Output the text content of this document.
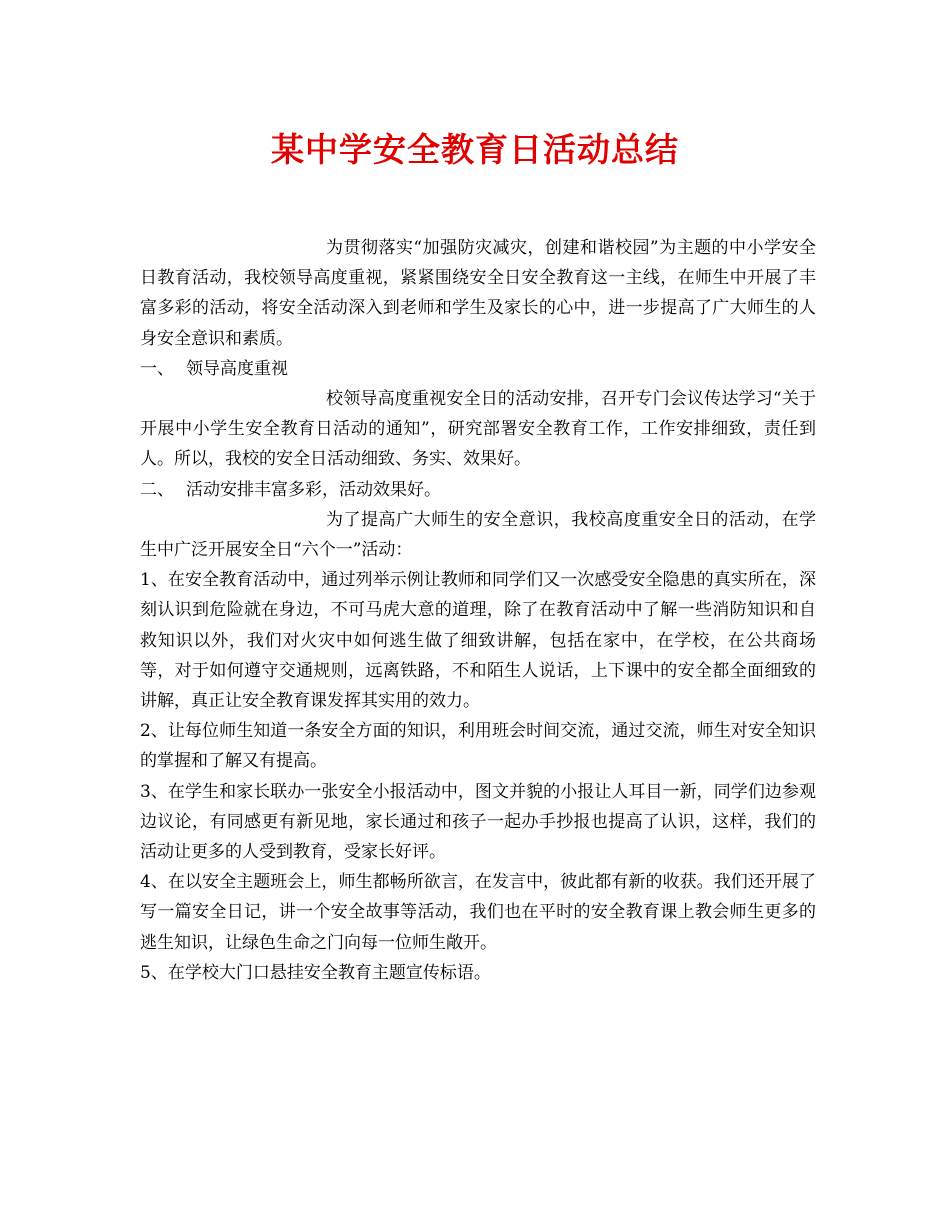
某中学安全教育日活动总结

为贯彻落实“加强防灾减灾，创建和谐校园”为主题的中小学安全日教育活动，我校领导高度重视，紧紧围绕安全日安全教育这一主线，在师生中开展了丰富多彩的活动，将安全活动深入到老师和学生及家长的心中，进一步提高了广大师生的人身安全意识和素质。

一、 领导高度重视

校领导高度重视安全日的活动安排，召开专门会议传达学习“关于开展中小学生安全教育日活动的通知”，研究部署安全教育工作，工作安排细致，责任到人。所以，我校的安全日活动细致、务实、效果好。

二、 活动安排丰富多彩，活动效果好。

为了提高广大师生的安全意识，我校高度重安全日的活动，在学生中广泛开展安全日“六个一”活动：

1、在安全教育活动中，通过列举示例让教师和同学们又一次感受安全隐患的真实所在，深刻认识到危险就在身边，不可马虎大意的道理，除了在教育活动中了解一些消防知识和自救知识以外，我们对火灾中如何逃生做了细致讲解，包括在家中，在学校，在公共商场等，对于如何遵守交通规则，远离铁路，不和陌生人说话，上下课中的安全都全面细致的讲解，真正让安全教育课发挥其实用的效力。

2、让每位师生知道一条安全方面的知识，利用班会时间交流，通过交流，师生对安全知识的掌握和了解又有提高。

3、在学生和家长联办一张安全小报活动中，图文并貌的小报让人耳目一新，同学们边参观边议论，有同感更有新见地，家长通过和孩子一起办手抄报也提高了认识，这样，我们的活动让更多的人受到教育，受家长好评。

4、在以安全主题班会上，师生都畅所欲言，在发言中，彼此都有新的收获。我们还开展了写一篇安全日记，讲一个安全故事等活动，我们也在平时的安全教育课上教会师生更多的逃生知识，让绿色生命之门向每一位师生敞开。

5、在学校大门口悬挂安全教育主题宣传标语。
